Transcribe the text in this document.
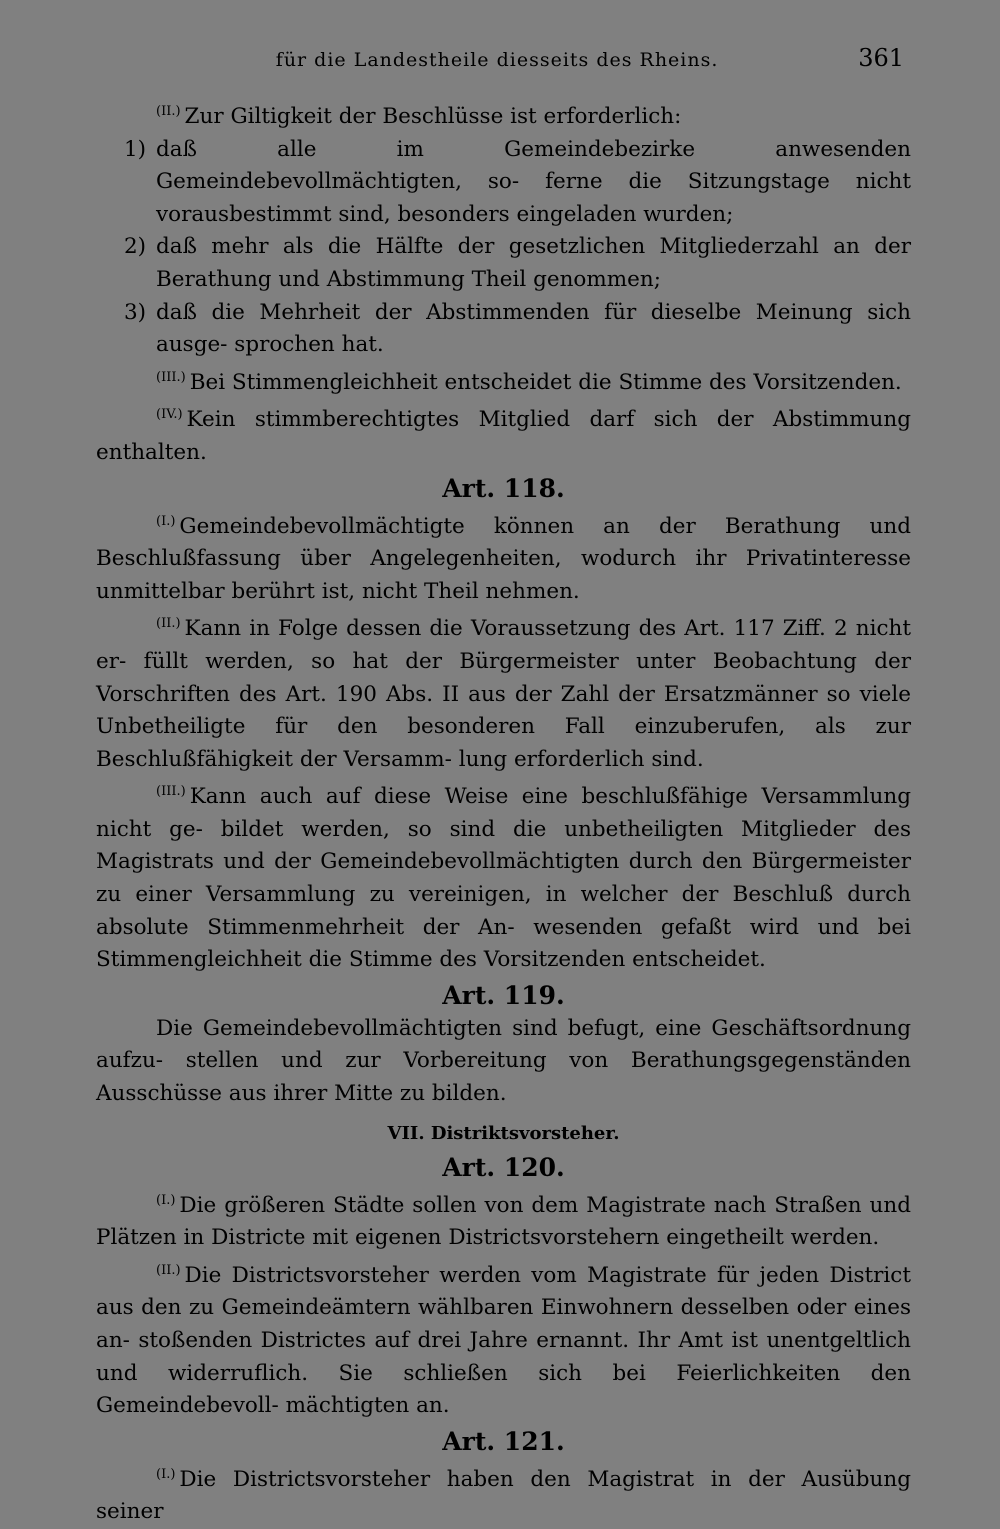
für die Landestheile diesseits des Rheins.	361

$^{(II.)}$ Zur Giltigkeit der Beschlüsse ist erforderlich:

1) daß alle im Gemeindebezirke anwesenden Gemeindebevollmächtigten, so- ferne die Sitzungstage nicht vorausbestimmt sind, besonders eingeladen wurden;
2) daß mehr als die Hälfte der gesetzlichen Mitgliederzahl an der Berathung und Abstimmung Theil genommen;
3) daß die Mehrheit der Abstimmenden für dieselbe Meinung sich ausge- sprochen hat.

$^{(III.)}$ Bei Stimmengleichheit entscheidet die Stimme des Vorsitzenden.

$^{(IV.)}$ Kein stimmberechtigtes Mitglied darf sich der Abstimmung enthalten.

Art. 118.

$^{(I.)}$ Gemeindebevollmächtigte können an der Berathung und Beschlußfassung über Angelegenheiten, wodurch ihr Privatinteresse unmittelbar berührt ist, nicht Theil nehmen.

$^{(II.)}$ Kann in Folge dessen die Voraussetzung des Art. 117 Ziff. 2 nicht er- füllt werden, so hat der Bürgermeister unter Beobachtung der Vorschriften des Art. 190 Abs. II aus der Zahl der Ersatzmänner so viele Unbetheiligte für den besonderen Fall einzuberufen, als zur Beschlußfähigkeit der Versamm- lung erforderlich sind.

$^{(III.)}$ Kann auch auf diese Weise eine beschlußfähige Versammlung nicht ge- bildet werden, so sind die unbetheiligten Mitglieder des Magistrats und der Gemeindebevollmächtigten durch den Bürgermeister zu einer Versammlung zu vereinigen, in welcher der Beschluß durch absolute Stimmenmehrheit der An- wesenden gefaßt wird und bei Stimmengleichheit die Stimme des Vorsitzenden entscheidet.

Art. 119.

Die Gemeindebevollmächtigten sind befugt, eine Geschäftsordnung aufzu- stellen und zur Vorbereitung von Berathungsgegenständen Ausschüsse aus ihrer Mitte zu bilden.

VII. Distriktsvorsteher.
Art. 120.

$^{(I.)}$ Die größeren Städte sollen von dem Magistrate nach Straßen und Plätzen in Districte mit eigenen Districtsvorstehern eingetheilt werden.

$^{(II.)}$ Die Districtsvorsteher werden vom Magistrate für jeden District aus den zu Gemeindeämtern wählbaren Einwohnern desselben oder eines an- stoßenden Districtes auf drei Jahre ernannt. Ihr Amt ist unentgeltlich und widerruflich. Sie schließen sich bei Feierlichkeiten den Gemeindebevoll- mächtigten an.

Art. 121.

$^{(I.)}$ Die Districtsvorsteher haben den Magistrat in der Ausübung seiner
